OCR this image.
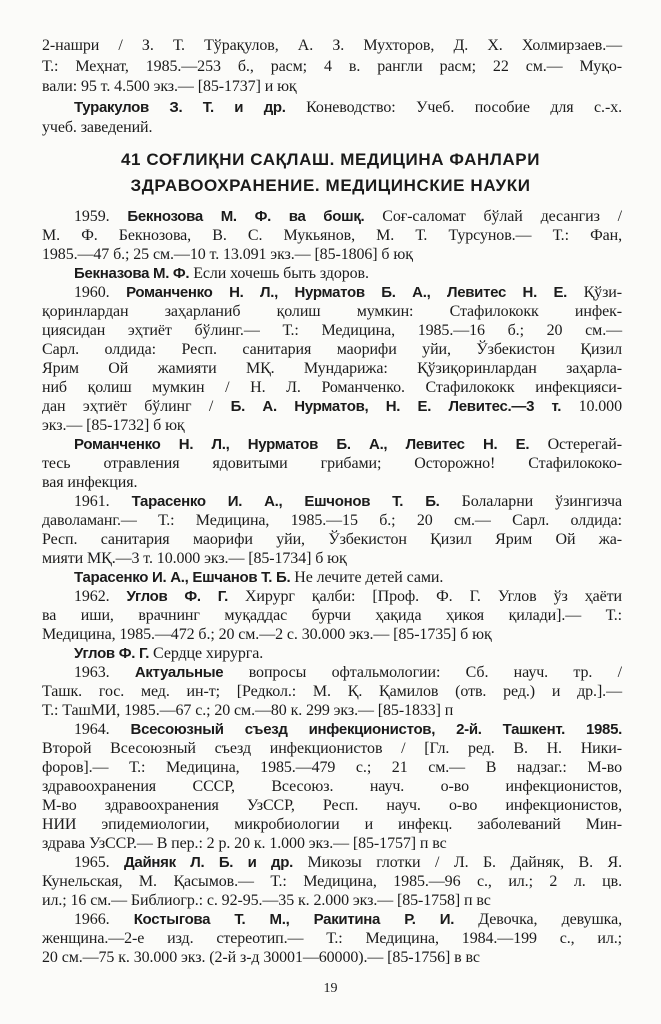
41 СОҒЛИҚНИ САҚЛАШ. МЕДИЦИНА ФАНЛАРИ
ЗДРАВООХРАНЕНИЕ. МЕДИЦИНСКИЕ НАУКИ
2-нашри / З. Т. Тўрақулов, А. З. Мухторов, Д. Х. Холмирзаев.—
Т.: Меҳнат, 1985.—253 б., расм; 4 в. рангли расм; 22 см.— Муқо-
вали: 95 т. 4.500 экз.— [85-1737] и юқ
Туракулов З. Т. и др. Коневодство: Учеб. пособие для с.-х.
учеб. заведений.
1959. Бекнозова М. Ф. ва бошқ. Соғ-саломат бўлай десангиз /
М. Ф. Бекнозова, В. С. Мукьянов, М. Т. Турсунов.— Т.: Фан,
1985.—47 б.; 25 см.—10 т. 13.091 экз.— [85-1806] б юқ
Бекназова М. Ф. Если хочешь быть здоров.
1960. Романченко Н. Л., Нурматов Б. А., Левитес Н. Е. Қўзи-
қоринлардан заҳарланиб қолиш мумкин: Стафилококк инфек-
циясидан эҳтиёт бўлинг.— Т.: Медицина, 1985.—16 б.; 20 см.—
Сарл. олдида: Респ. санитария маорифи уйи, Ўзбекистон Қизил
Ярим Ой жамияти МҚ. Мундарижа: Қўзиқоринлардан заҳарла-
ниб қолиш мумкин / Н. Л. Романченко. Стафилококк инфекцияси-
дан эҳтиёт бўлинг / Б. А. Нурматов, Н. Е. Левитес.—3 т. 10.000
экз.— [85-1732] б юқ
Романченко Н. Л., Нурматов Б. А., Левитес Н. Е. Остерегай-
тесь отравления ядовитыми грибами; Осторожно! Стафилококо-
вая инфекция.
1961. Тарасенко И. А., Ешчонов Т. Б. Болаларни ўзингизча
даволаманг.— Т.: Медицина, 1985.—15 б.; 20 см.— Сарл. олдида:
Респ. санитария маорифи уйи, Ўзбекистон Қизил Ярим Ой жа-
мияти МҚ.—3 т. 10.000 экз.— [85-1734] б юқ
Тарасенко И. А., Ешчанов Т. Б. Не лечите детей сами.
1962. Углов Ф. Г. Хирург қалби: [Проф. Ф. Г. Углов ўз ҳаёти
ва иши, врачнинг муқаддас бурчи ҳақида ҳикоя қилади].— Т.:
Медицина, 1985.—472 б.; 20 см.—2 с. 30.000 экз.— [85-1735] б юқ
Углов Ф. Г. Сердце хирурга.
1963. Актуальные вопросы офтальмологии: Сб. науч. тр. /
Ташк. гос. мед. ин-т; [Редкол.: М. Қ. Қамилов (отв. ред.) и др.].—
Т.: ТашМИ, 1985.—67 с.; 20 см.—80 к. 299 экз.— [85-1833] п
1964. Всесоюзный съезд инфекционистов, 2-й. Ташкент. 1985.
Второй Всесоюзный съезд инфекционистов / [Гл. ред. В. Н. Ники-
форов].— Т.: Медицина, 1985.—479 с.; 21 см.— В надзаг.: М-во
здравоохранения СССР, Всесоюз. науч. о-во инфекционистов,
М-во здравоохранения УзССР, Респ. науч. о-во инфекционистов,
НИИ эпидемиологии, микробиологии и инфекц. заболеваний Мин-
здрава УзССР.— В пер.: 2 р. 20 к. 1.000 экз.— [85-1757] п вс
1965. Дайняк Л. Б. и др. Микозы глотки / Л. Б. Дайняк, В. Я.
Кунельская, М. Қасымов.— Т.: Медицина, 1985.—96 с., ил.; 2 л. цв.
ил.; 16 см.— Библиогр.: с. 92-95.—35 к. 2.000 экз.— [85-1758] п вс
1966. Костыгова Т. М., Ракитина Р. И. Девочка, девушка,
женщина.—2-е изд. стереотип.— Т.: Медицина, 1984.—199 с., ил.;
20 см.—75 к. 30.000 экз. (2-й з-д 30001—60000).— [85-1756] в вс
19
